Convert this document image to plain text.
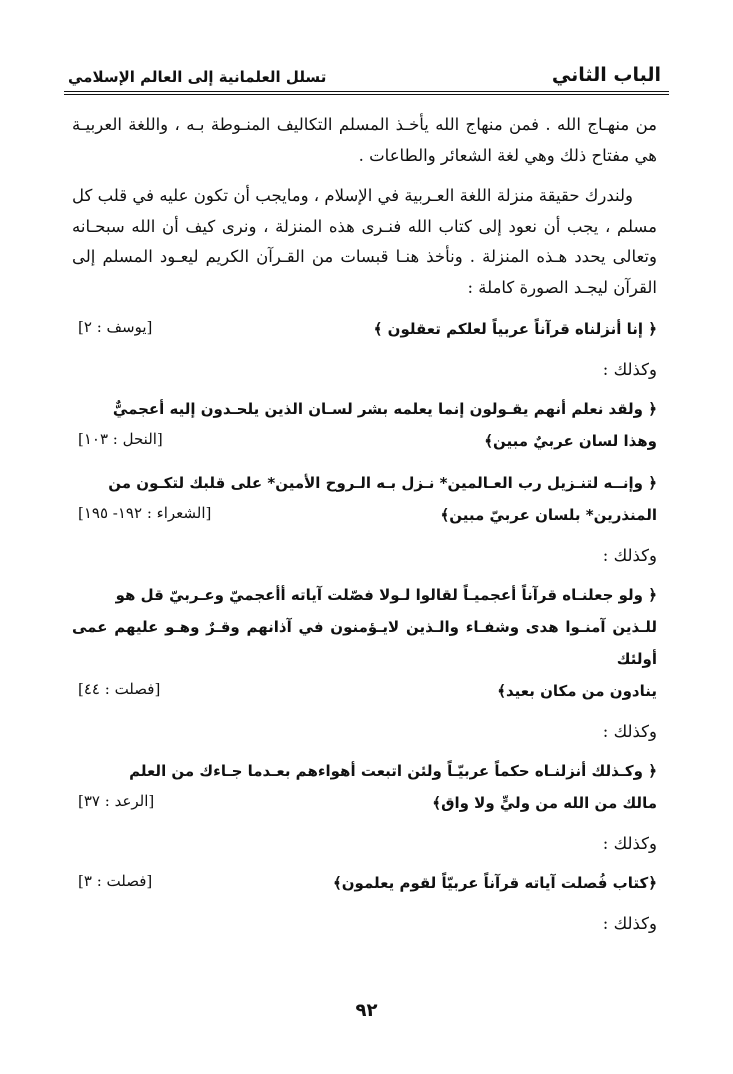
الباب الثاني
تسلل العلمانية إلى العالم الإسلامي

من منهـاج الله . فمن منهاج الله يأخـذ المسلم التكاليف المنـوطة بـه ، واللغة العربيـة هي مفتاح ذلك وهي لغة الشعائر والطاعات .

ولندرك حقيقة منزلة اللغة العـربية في الإسلام ، ومايجب أن تكون عليه في قلب كل مسلم ، يجب أن نعود إلى كتاب الله فنـرى هذه المنزلة ، ونرى كيف أن الله سبحـانه وتعالى يحدد هـذه المنزلة . ونأخذ هنـا قبسات من القـرآن الكريم ليعـود المسلم إلى القرآن ليجـد الصورة كاملة :

﴿ إنا أنزلناه قرآناً عربياً لعلكم تعقلون ﴾
[يوسف : ٢]
وكذلك :
﴿ ولقد نعلم أنهم يقـولون إنما يعلمه بشر لسـان الذين يلحـدون إليه أعجميٌّ
وهذا لسان عربيٌ مبين﴾
[النحل : ١٠٣]
﴿ وإنــه لتنـزيل رب العـالمين* نـزل بـه الـروح الأمين* على قلبك لتكـون من
المنذرين* بلسان عربيّ مبين﴾
[الشعراء : ١٩٢- ١٩٥]
وكذلك :
﴿ ولو جعلنـاه قرآناً أعجميـاً لقالوا لـولا فصّلت آياته أأعجميّ وعـربيّ قل هو
للـذين آمنـوا هدى وشفـاء والـذين لايـؤمنون في آذانهم وقـرٌ وهـو عليهم عمى أولئك
ينادون من مكان بعيد﴾
[فصلت : ٤٤]
وكذلك :
﴿ وكـذلك أنزلنـاه حكماً عربيّـاً ولئن اتبعت أهواءهم بعـدما جـاءك من العلم
مالك من الله من وليٍّ ولا واق﴾
[الرعد : ٣٧]
وكذلك :
﴿كتاب فُصلت آياته قرآناً عربيّاً لقوم يعلمون﴾
[فصلت : ٣]
وكذلك :
٩٢
